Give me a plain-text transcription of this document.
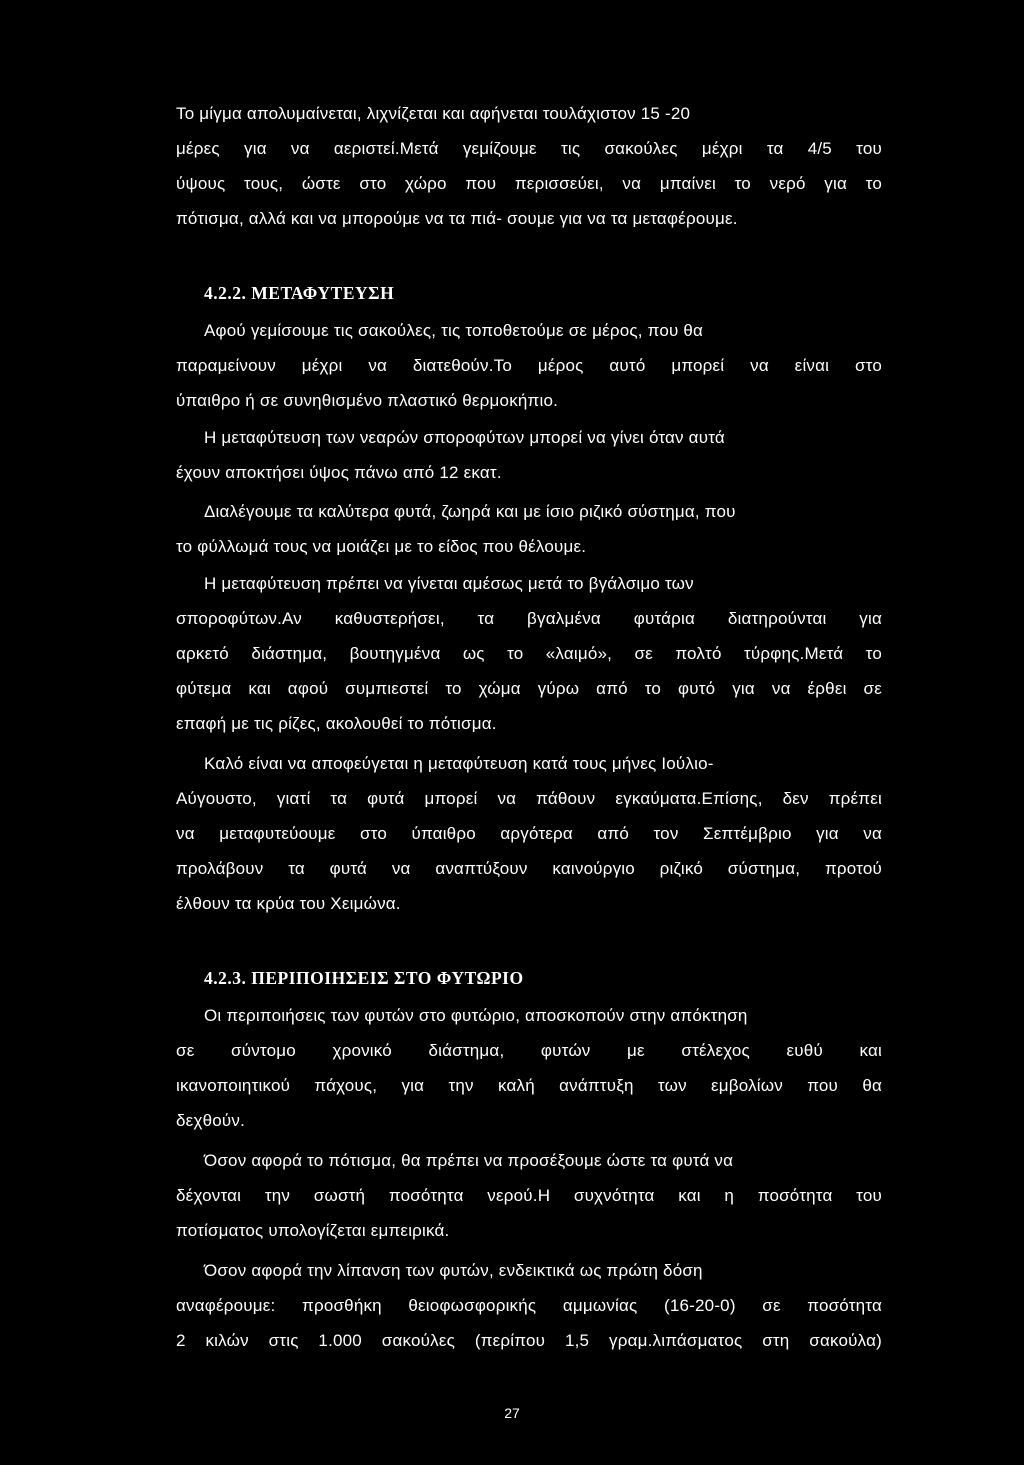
Το μίγμα απολυμαίνεται, λιχνίζεται και αφήνεται τουλάχιστον 15 -20
μέρες για να αεριστεί.Μετά γεμίζουμε τις σακούλες μέχρι τα 4/5 του
ύψους τους, ώστε στο χώρο που περισσεύει, να μπαίνει το νερό για το
πότισμα, αλλά και να μπορούμε να τα πιά- σουμε για να τα μεταφέρουμε.
4.2.2. ΜΕΤΑΦΥΤΕΥΣΗ
Αφού γεμίσουμε τις σακούλες, τις τοποθετούμε σε μέρος, που θα
παραμείνουν μέχρι να διατεθούν.Το μέρος αυτό μπορεί να είναι στο
ύπαιθρο ή σε συνηθισμένο πλαστικό θερμοκήπιο.
Η μεταφύτευση των νεαρών σποροφύτων μπορεί να γίνει όταν αυτά
έχουν αποκτήσει ύψος πάνω από 12 εκατ.
Διαλέγουμε τα καλύτερα φυτά, ζωηρά και με ίσιο ριζικό σύστημα, που
το φύλλωμά τους να μοιάζει με το είδος που θέλουμε.
Η μεταφύτευση πρέπει να γίνεται αμέσως μετά το βγάλσιμο των
σποροφύτων.Αν καθυστερήσει, τα βγαλμένα φυτάρια διατηρούνται για
αρκετό διάστημα, βουτηγμένα ως το «λαιμό», σε πολτό τύρφης.Μετά το
φύτεμα και αφού συμπιεστεί το χώμα γύρω από το φυτό για να έρθει σε
επαφή με τις ρίζες, ακολουθεί το πότισμα.
Καλό είναι να αποφεύγεται η μεταφύτευση κατά τους μήνες Ιούλιο-
Αύγουστο, γιατί τα φυτά μπορεί να πάθουν εγκαύματα.Επίσης, δεν πρέπει
να μεταφυτεύουμε στο ύπαιθρο αργότερα από τον Σεπτέμβριο για να
προλάβουν τα φυτά να αναπτύξουν καινούργιο ριζικό σύστημα, προτού
έλθουν τα κρύα του Χειμώνα.
4.2.3. ΠΕΡΙΠΟΙΗΣΕΙΣ ΣΤΟ ΦΥΤΩΡΙΟ
Οι περιποιήσεις των φυτών στο φυτώριο, αποσκοπούν στην απόκτηση
σε σύντομο χρονικό διάστημα, φυτών με στέλεχος ευθύ και
ικανοποιητικού πάχους, για την καλή ανάπτυξη των εμβολίων που θα
δεχθούν.
Όσον αφορά το πότισμα, θα πρέπει να προσέξουμε ώστε τα φυτά να
δέχονται την σωστή ποσότητα νερού.Η συχνότητα και η ποσότητα του
ποτίσματος υπολογίζεται εμπειρικά.
Όσον αφορά την λίπανση των φυτών, ενδεικτικά ως πρώτη δόση
αναφέρουμε: προσθήκη θειοφωσφορικής αμμωνίας (16-20-0) σε ποσότητα
2 κιλών στις 1.000 σακούλες (περίπου 1,5 γραμ.λιπάσματος στη σακούλα)
27
